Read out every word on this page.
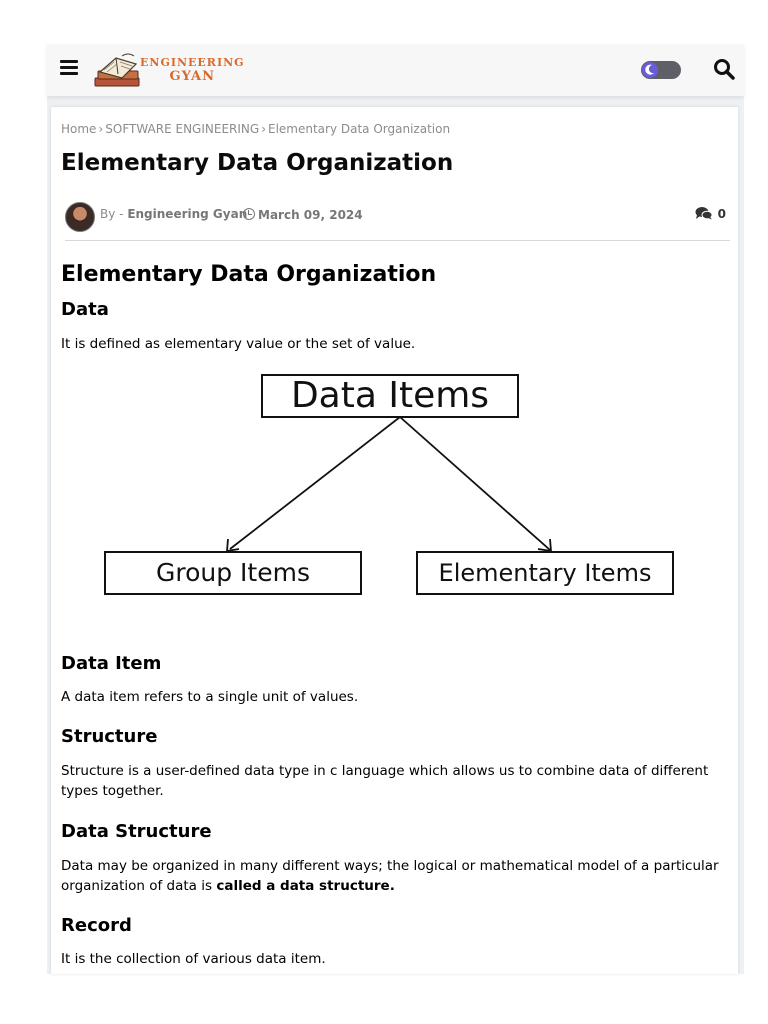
ENGINEERING
GYAN
Home › SOFTWARE ENGINEERING › Elementary Data Organization
Elementary Data Organization
By - Engineering Gyan March 09, 2024	0
Elementary Data Organization
Data

It is defined as elementary value or the set of value.

Data Items
Group Items	Elementary Items
Data Item

A data item refers to a single unit of values.

Structure

Structure is a user-defined data type in c language which allows us to combine data of different types together.

Data Structure

Data may be organized in many different ways; the logical or mathematical model of a particular organization of data is called a data structure.

Record

It is the collection of various data item.
